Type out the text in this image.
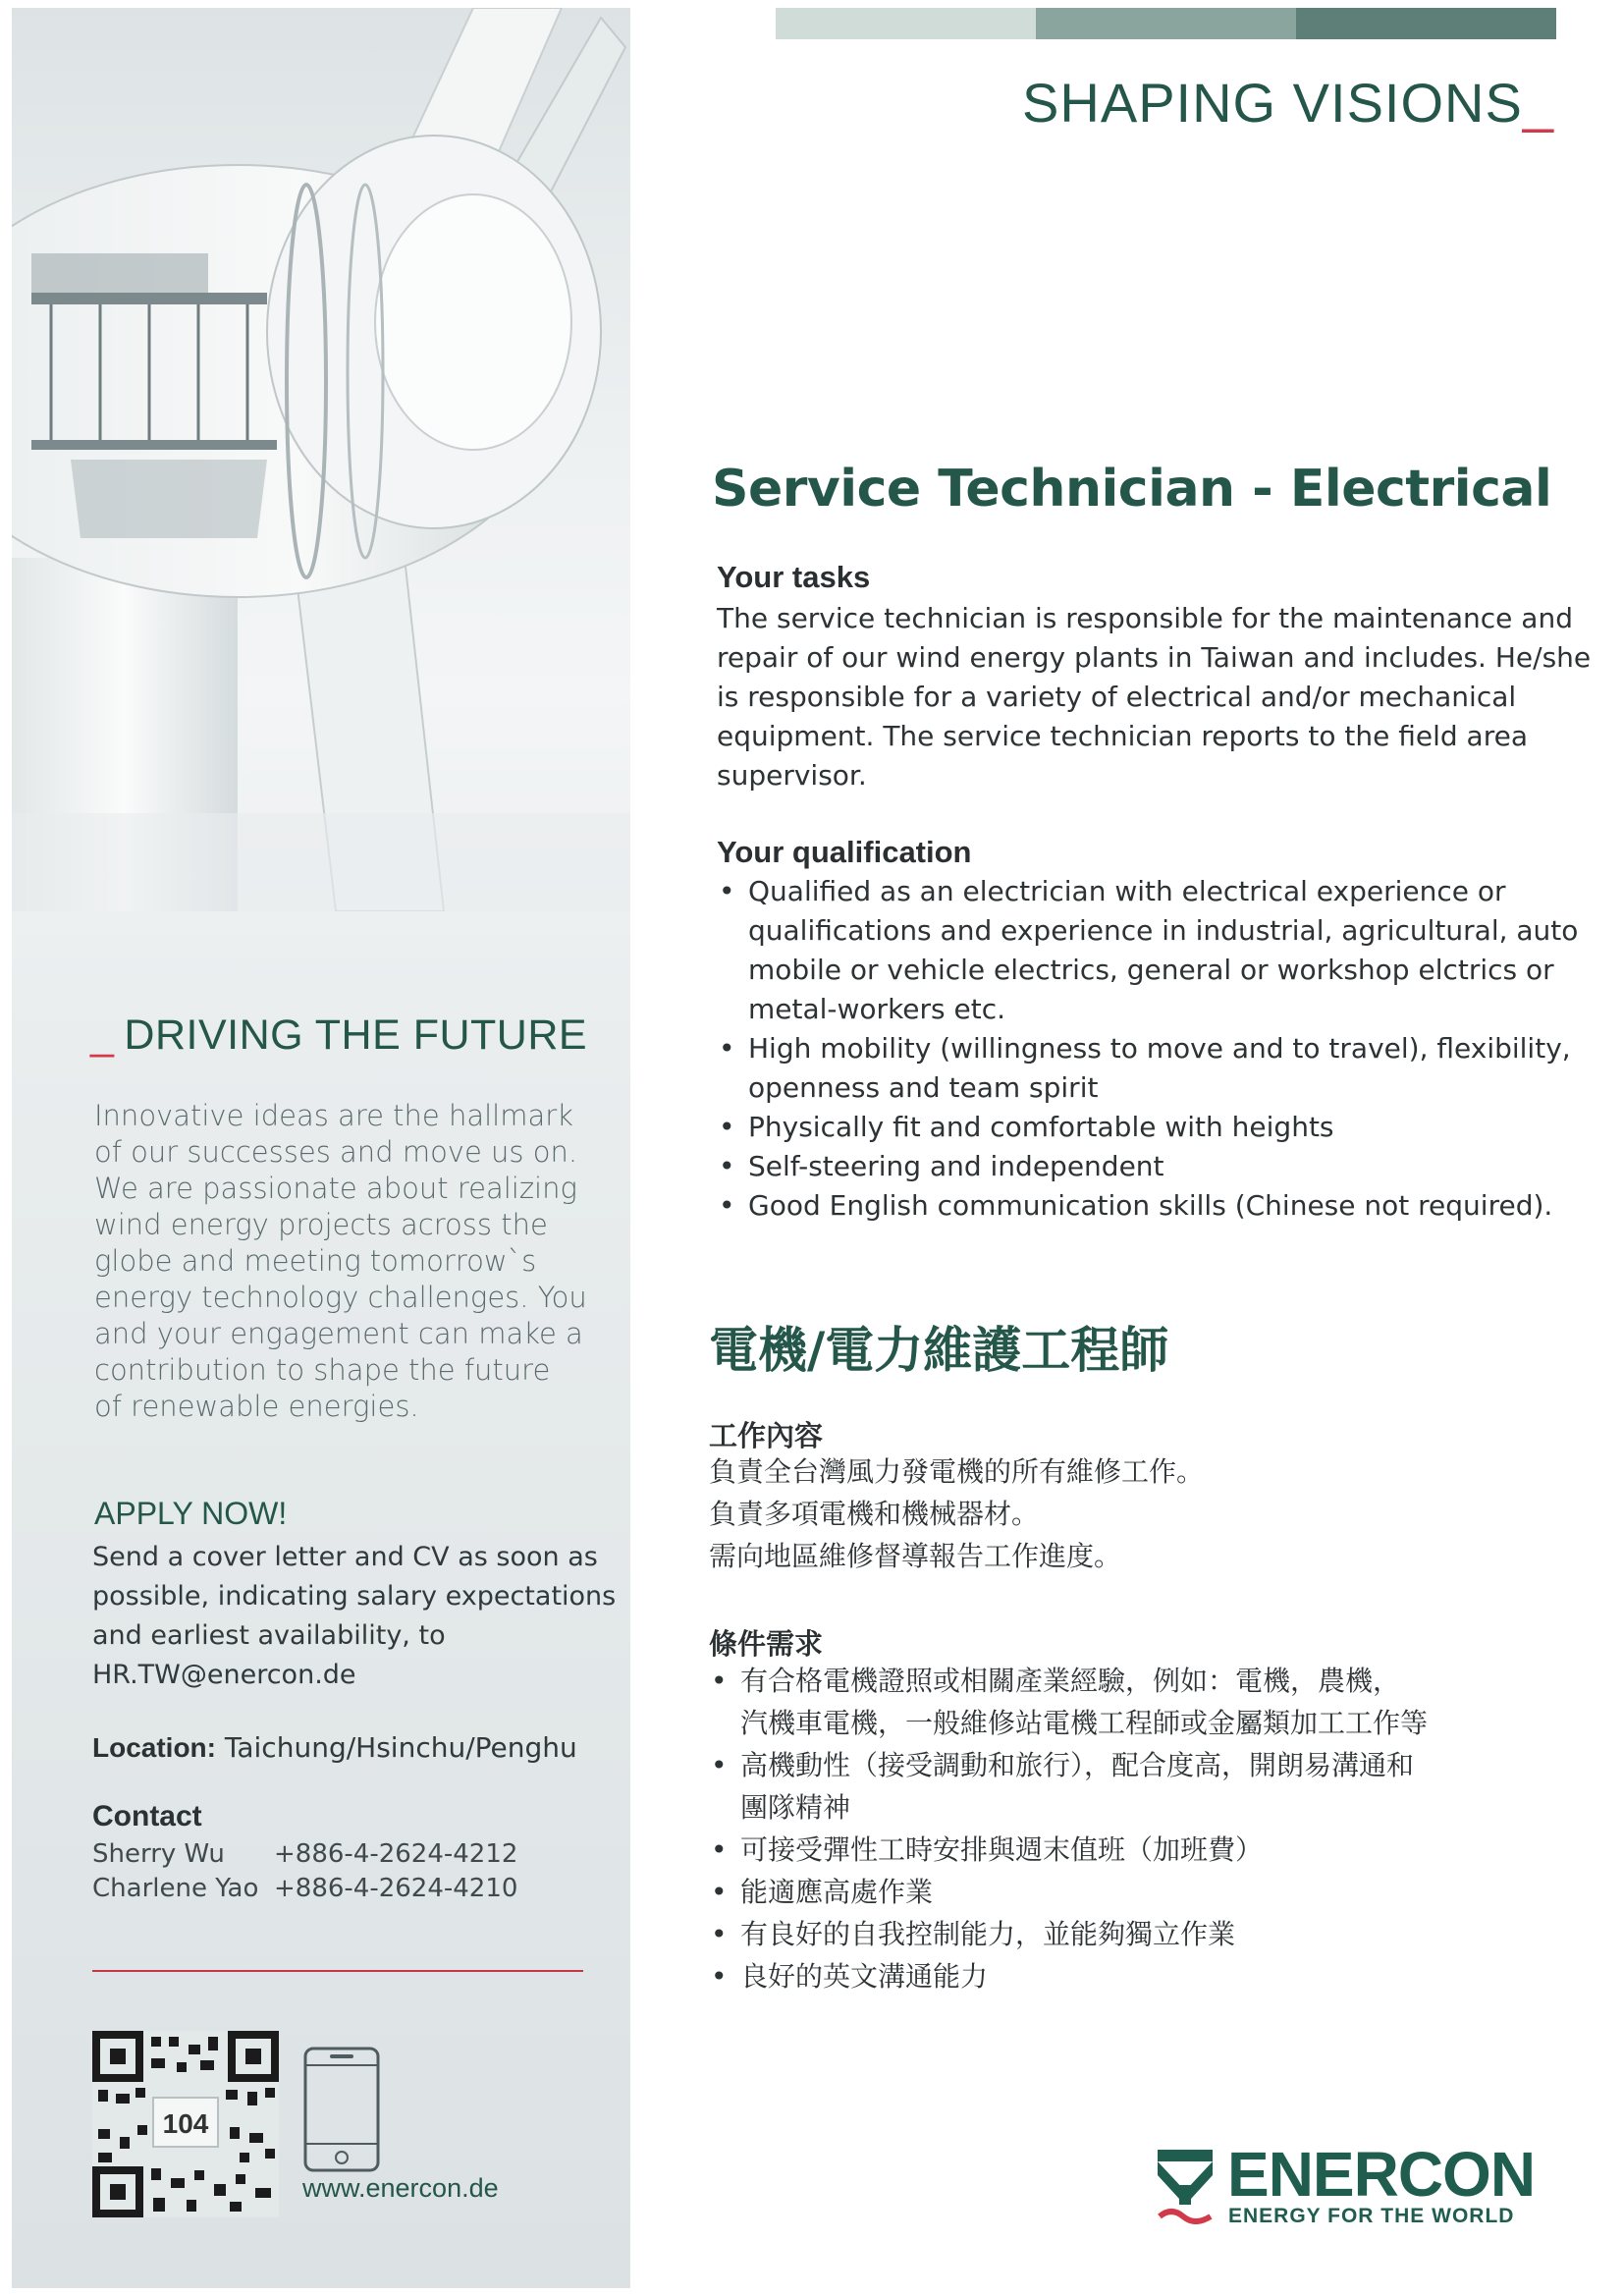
_ DRIVING THE FUTURE
Innovative ideas are the hallmark
of our successes and move us on.
We are passionate about realizing
wind energy projects across the
globe and meeting tomorrow`s
energy technology challenges. You
and your engagement can make a
contribution to shape the future
of renewable energies.
APPLY NOW!
Send a cover letter and CV as soon as
possible, indicating salary expectations
and earliest availability, to
HR.TW@enercon.de
Location: Taichung/Hsinchu/Penghu
Contact
Sherry Wu +886-4-2624-4212
Charlene Yao +886-4-2624-4210
104
www.enercon.de
SHAPING VISIONS_
Service Technician - Electrical
Your tasks
The service technician is responsible for the maintenance and
repair of our wind energy plants in Taiwan and includes. He/she
is responsible for a variety of electrical and/or mechanical
equipment. The service technician reports to the field area
supervisor.
Your qualification
• Qualified as an electrician with electrical experience or
qualifications and experience in industrial, agricultural, auto
mobile or vehicle electrics, general or workshop elctrics or
metal-workers etc.
• High mobility (willingness to move and to travel), flexibility,
openness and team spirit
• Physically fit and comfortable with heights
• Self-steering and independent
• Good English communication skills (Chinese not required).
電機/電力維護工程師
工作內容
負責全台灣風力發電機的所有維修工作。
負責多項電機和機械器材。
需向地區維修督導報告工作進度。
條件需求
• 有合格電機證照或相關產業經驗，例如：電機，農機，
汽機車電機，一般維修站電機工程師或金屬類加工工作等
• 高機動性（接受調動和旅行），配合度高，開朗易溝通和
團隊精神
• 可接受彈性工時安排與週末值班（加班費）
• 能適應高處作業
• 有良好的自我控制能力，並能夠獨立作業
• 良好的英文溝通能力
ENERCON
ENERGY FOR THE WORLD
